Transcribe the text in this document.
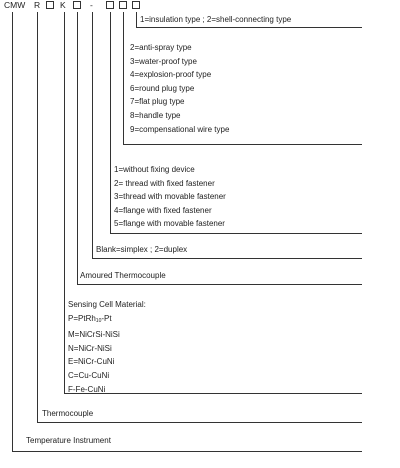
CMW R K	-
1=insulation type ; 2=shell-connecting type
2=anti-spray type
3=water-proof type
4=explosion-proof type
6=round plug type
7=flat plug type
8=handle type
9=compensational wire type
1=without fixing device
2= thread with fixed fastener
3=thread with movable fastener
4=flange with fixed fastener
5=flange with movable fastener
Blank=simplex ; 2=duplex
Amoured Thermocouple
Sensing Cell Material:
P=PtRh$_{10}$-Pt
M=NiCrSi-NiSi
N=NiCr-NiSi
E=NiCr-CuNi
C=Cu-CuNi
F-Fe-CuNi
Thermocouple
Temperature Instrument
